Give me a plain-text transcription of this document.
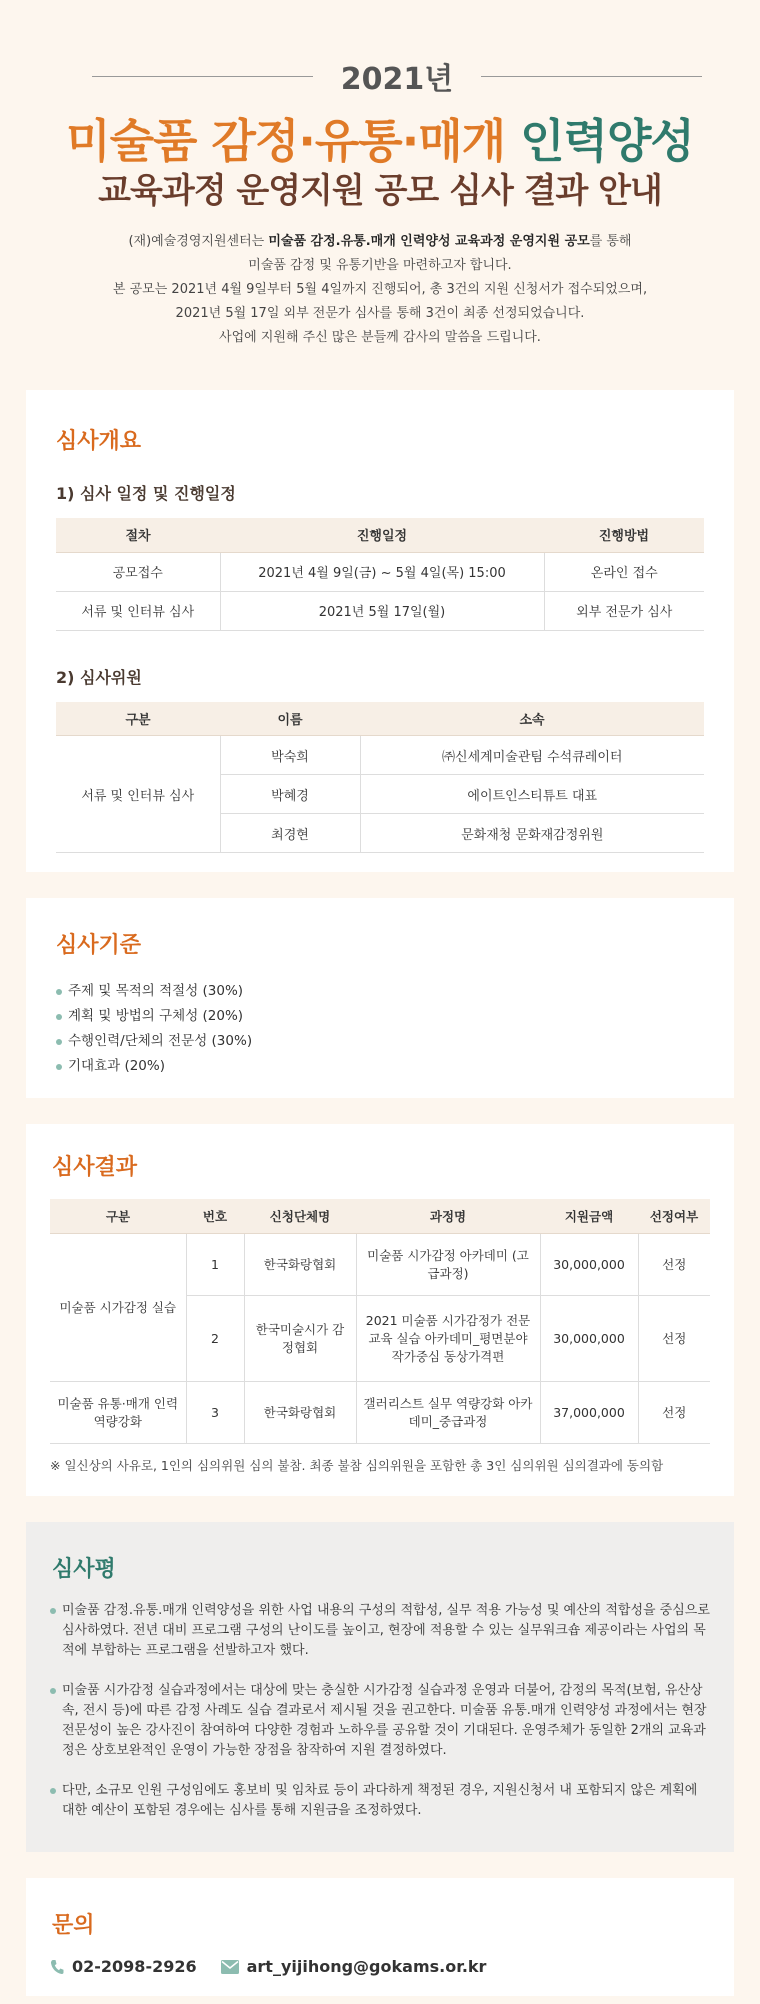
2021년
미술품 감정·유통·매개 인력양성
교육과정 운영지원 공모 심사 결과 안내
(재)예술경영지원센터는 미술품 감정.유통.매개 인력양성 교육과정 운영지원 공모를 통해
미술품 감정 및 유통기반을 마련하고자 합니다.
본 공모는 2021년 4월 9일부터 5월 4일까지 진행되어, 총 3건의 지원 신청서가 접수되었으며,
2021년 5월 17일 외부 전문가 심사를 통해 3건이 최종 선정되었습니다.
사업에 지원해 주신 많은 분들께 감사의 말씀을 드립니다.
심사개요
1) 심사 일정 및 진행일정
절차	진행일정	진행방법
공모접수	2021년 4월 9일(금) ~ 5월 4일(목) 15:00	온라인 접수
서류 및 인터뷰 심사	2021년 5월 17일(월)	외부 전문가 심사
2) 심사위원
구분	이름	소속
서류 및 인터뷰 심사	박숙희	㈜신세계미술관팀 수석큐레이터
	박혜경	에이트인스티튜트 대표
	최경현	문화재청 문화재감정위원
심사기준
주제 및 목적의 적절성 (30%)
계획 및 방법의 구체성 (20%)
수행인력/단체의 전문성 (30%)
기대효과 (20%)
심사결과
구분	번호	신청단체명	과정명	지원금액	선정여부
미술품 시가감정 실습	1	한국화랑협회	미술품 시가감정 아카데미 (고급과정)	30,000,000	선정
	2	한국미술시가 감정협회	2021 미술품 시가감정가 전문교육 실습 아카데미_평면분야 작가중심 동상가격편	30,000,000	선정
미술품 유통·매개 인력 역량강화	3	한국화랑협회	갤러리스트 실무 역량강화 아카데미_중급과정	37,000,000	선정
※ 일신상의 사유로, 1인의 심의위원 심의 불참. 최종 불참 심의위원을 포함한 총 3인 심의위원 심의결과에 동의함
심사평

미술품 감정.유통.매개 인력양성을 위한 사업 내용의 구성의 적합성, 실무 적용 가능성 및 예산의 적합성을 중심으로 심사하였다. 전년 대비 프로그램 구성의 난이도를 높이고, 현장에 적용할 수 있는 실무워크숍 제공이라는 사업의 목적에 부합하는 프로그램을 선발하고자 했다.

미술품 시가감정 실습과정에서는 대상에 맞는 충실한 시가감정 실습과정 운영과 더불어, 감정의 목적(보험, 유산상속, 전시 등)에 따른 감정 사례도 실습 결과로서 제시될 것을 권고한다. 미술품 유통.매개 인력양성 과정에서는 현장전문성이 높은 강사진이 참여하여 다양한 경험과 노하우를 공유할 것이 기대된다. 운영주체가 동일한 2개의 교육과정은 상호보완적인 운영이 가능한 장점을 참작하여 지원 결정하였다.

다만, 소규모 인원 구성임에도 홍보비 및 임차료 등이 과다하게 책정된 경우, 지원신청서 내 포함되지 않은 계획에 대한 예산이 포함된 경우에는 심사를 통해 지원금을 조정하였다.

문의
02-2098-2926	art_yijihong@gokams.or.kr
